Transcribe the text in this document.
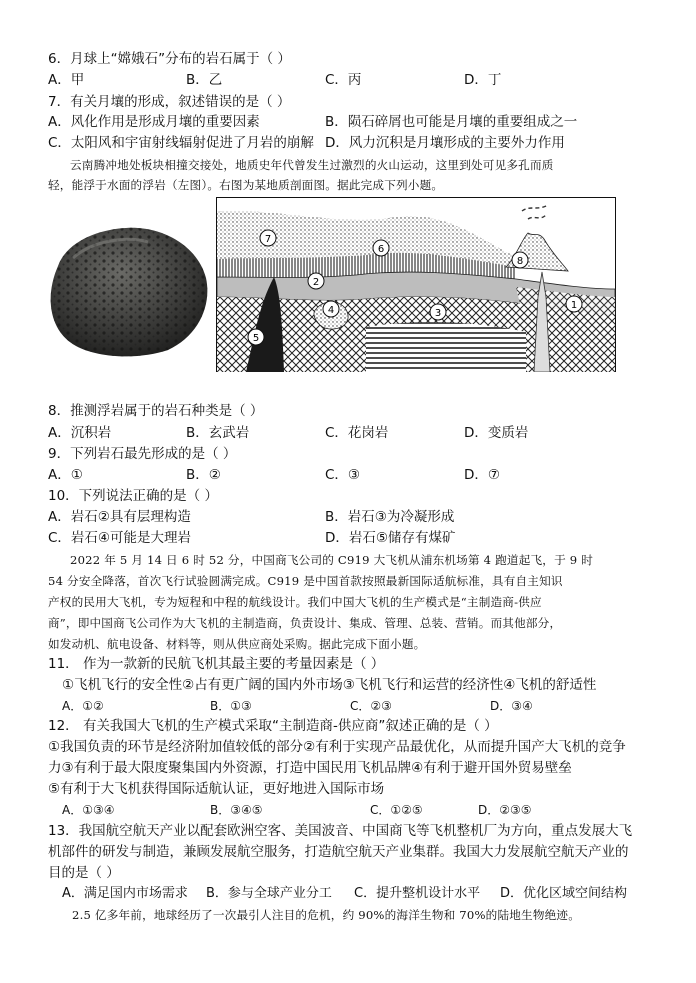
6．月球上“嫦娥石”分布的岩石属于（ ）
A．甲	B．乙	C．丙	D．丁
7．有关月壤的形成，叙述错误的是（ ）
A．风化作用是形成月壤的重要因素	B．陨石碎屑也可能是月壤的重要组成之一
C．太阳风和宇宙射线辐射促进了月岩的崩解 D．风力沉积是月壤形成的主要外力作用
云南腾冲地处板块相撞交接处，地质史年代曾发生过激烈的火山运动，这里到处可见多孔而质
轻，能浮于水面的浮岩（左图）。右图为某地质剖面图。据此完成下列小题。
7
6
2
4	3
1
5
8
8．推测浮岩属于的岩石种类是（ ）
A．沉积岩	B．玄武岩	C．花岗岩	D．变质岩
9．下列岩石最先形成的是（ ）
A．①	B．②	C．③	D．⑦
10．下列说法正确的是（ ）
A．岩石②具有层理构造	B．岩石③为冷凝形成
C．岩石④可能是大理岩	D．岩石⑤储存有煤矿
2022 年 5 月 14 日 6 时 52 分，中国商飞公司的 C919 大飞机从浦东机场第 4 跑道起飞，于 9 时
54 分安全降落，首次飞行试验圆满完成。C919 是中国首款按照最新国际适航标准，具有自主知识
产权的民用大飞机，专为短程和中程的航线设计。我们中国大飞机的生产模式是“主制造商-供应
商”，即中国商飞公司作为大飞机的主制造商，负责设计、集成、管理、总装、营销。而其他部分，
如发动机、航电设备、材料等，则从供应商处采购。据此完成下面小题。
11． 作为一款新的民航飞机其最主要的考量因素是（ ）
①飞机飞行的安全性②占有更广阔的国内外市场③飞机飞行和运营的经济性④飞机的舒适性
A．①②	B．①③	C．②③	D．③④
12． 有关我国大飞机的生产模式采取“主制造商-供应商”叙述正确的是（ ）
①我国负责的环节是经济附加值较低的部分②有利于实现产品最优化，从而提升国产大飞机的竞争
力③有利于最大限度聚集国内外资源，打造中国民用飞机品牌④有利于避开国外贸易壁垒
⑤有利于大飞机获得国际适航认证，更好地进入国际市场
A．①③④	B．③④⑤	C．①②⑤	D．②③⑤
13．我国航空航天产业以配套欧洲空客、美国波音、中国商飞等飞机整机厂为方向，重点发展大飞
机部件的研发与制造，兼顾发展航空服务，打造航空航天产业集群。我国大力发展航空航天产业的
目的是（ ）
A．满足国内市场需求 B．参与全球产业分工 C．提升整机设计水平 D．优化区域空间结构
2.5 亿多年前，地球经历了一次最引人注目的危机，约 90%的海洋生物和 70%的陆地生物绝迹。
